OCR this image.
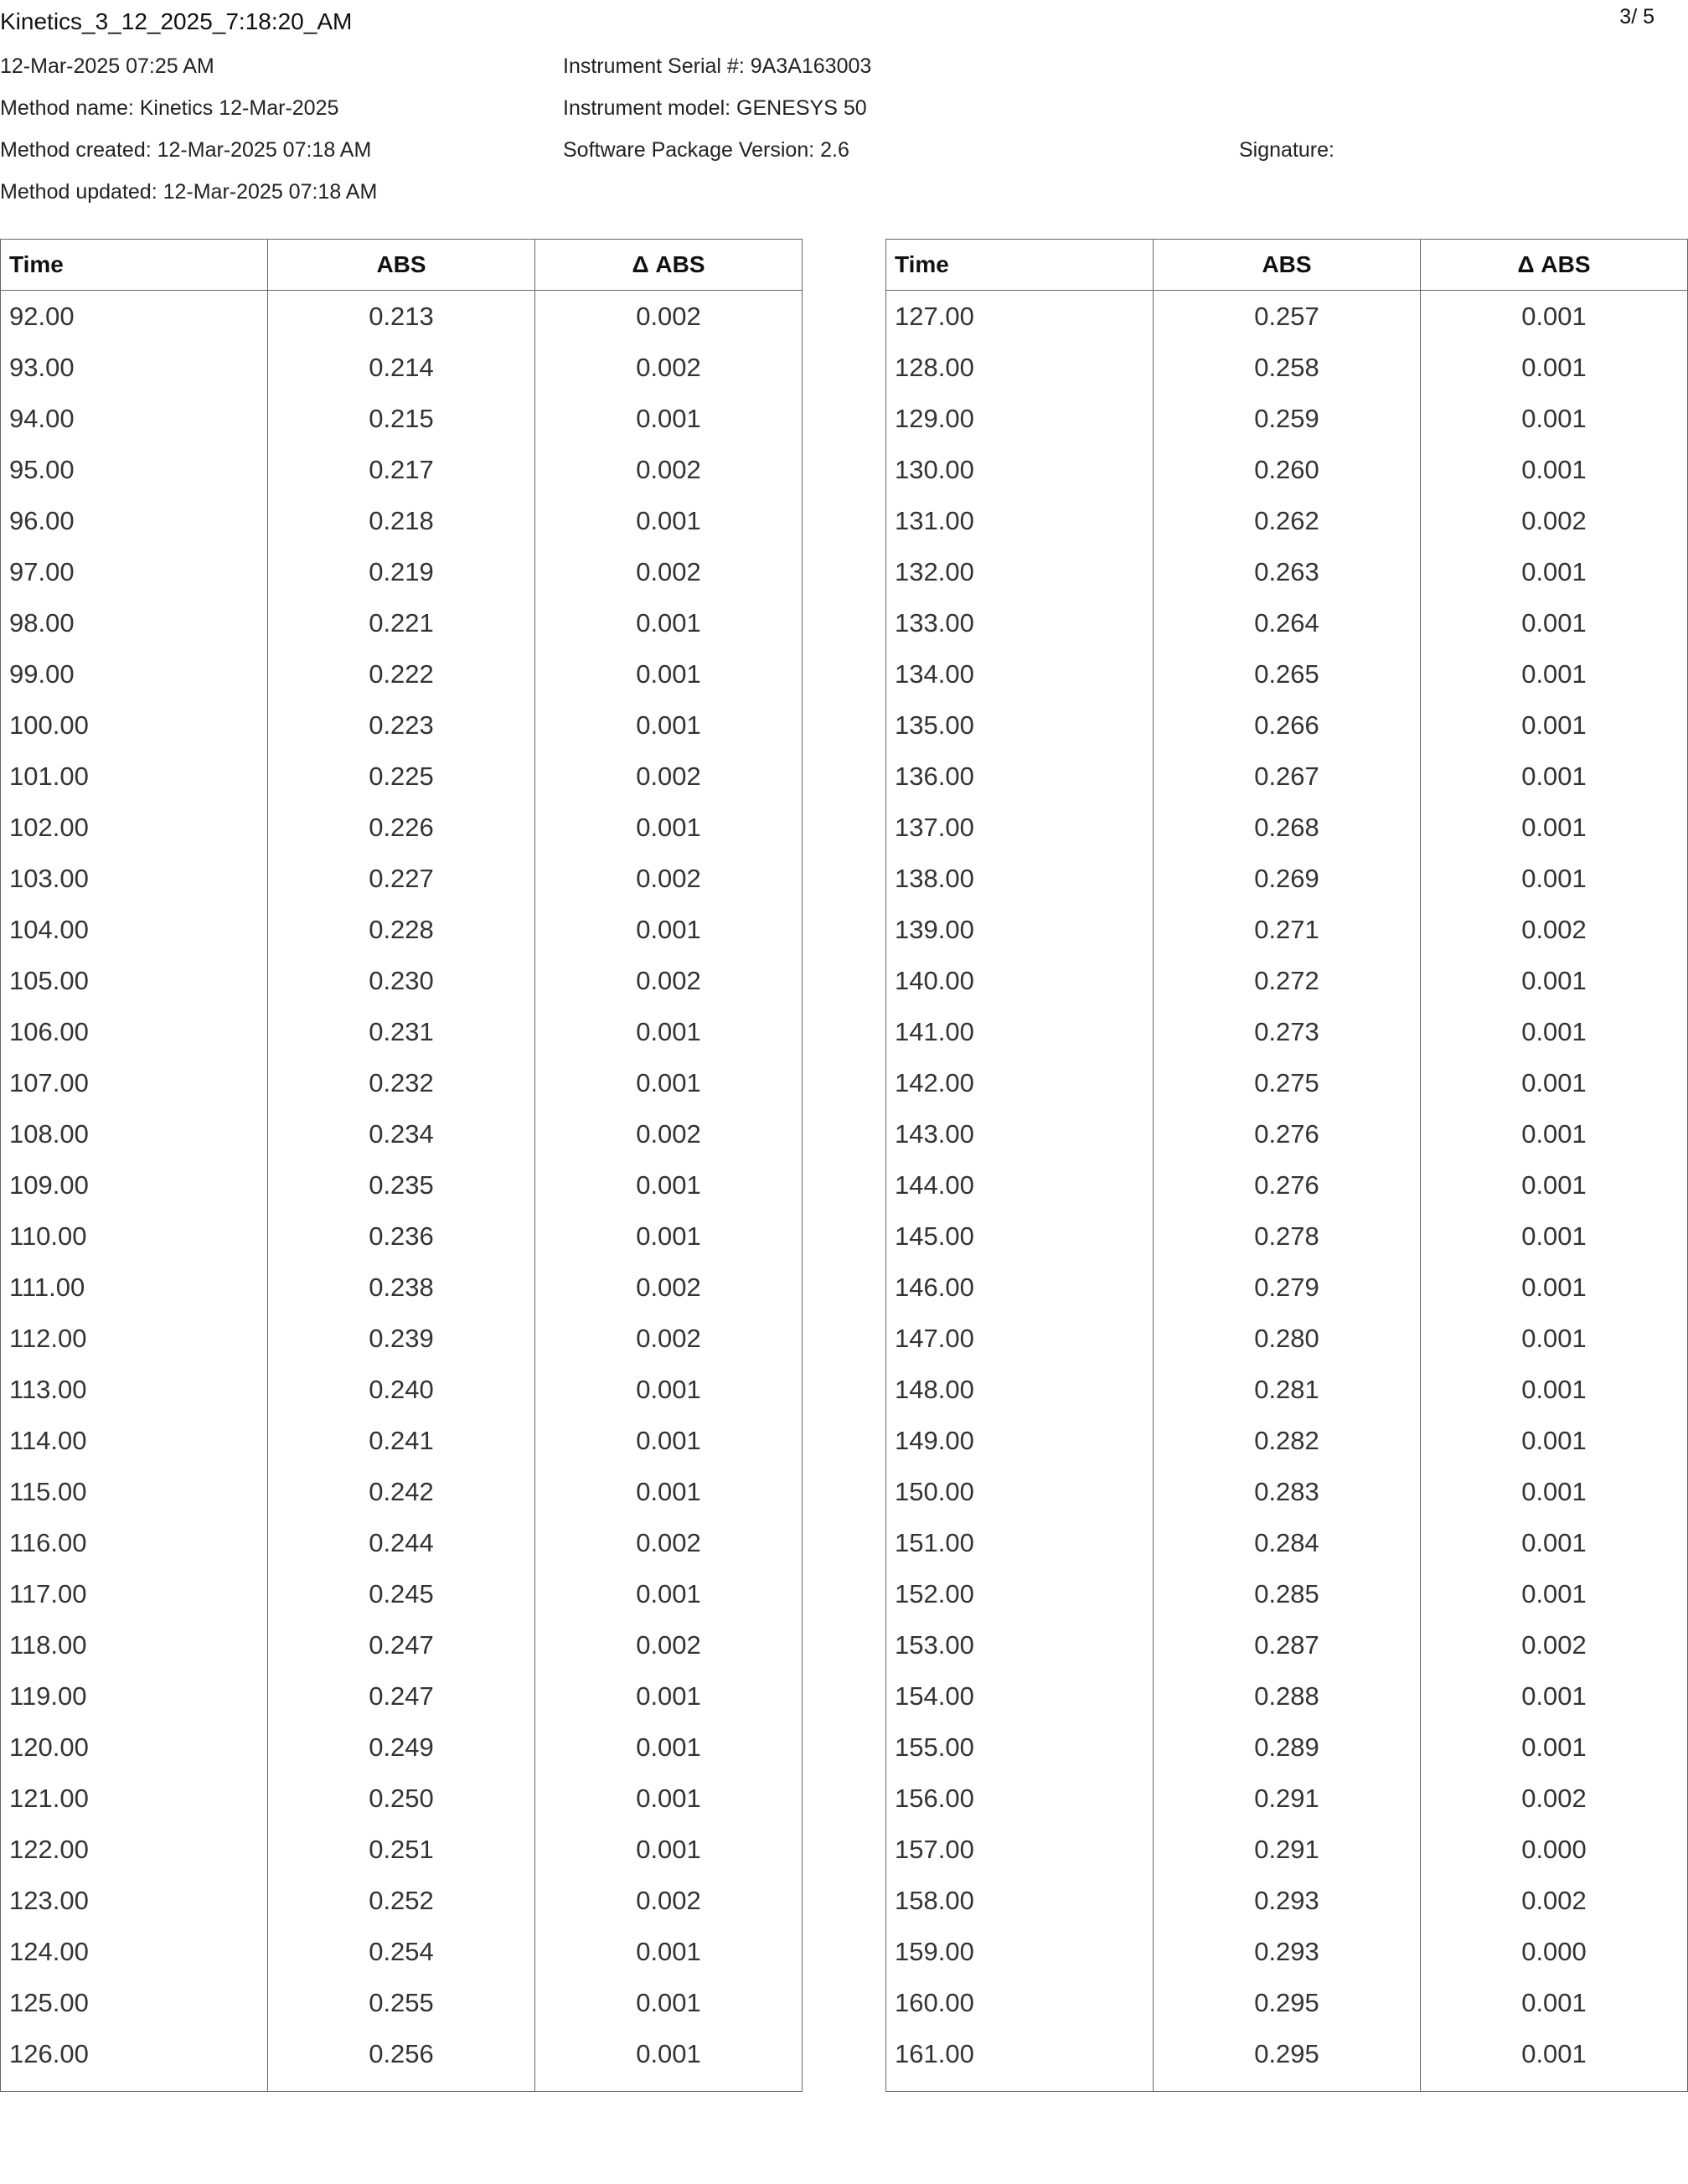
Kinetics_3_12_2025_7:18:20_AM	3/ 5
12-Mar-2025 07:25 AM
Method name: Kinetics 12-Mar-2025
Method created: 12-Mar-2025 07:18 AM
Method updated: 12-Mar-2025 07:18 AM
Instrument Serial #: 9A3A163003
Instrument model: GENESYS 50
Software Package Version: 2.6	Signature:
Time	ABS	Δ ABS
92.00	0.213	0.002
93.00	0.214	0.002
94.00	0.215	0.001
95.00	0.217	0.002
96.00	0.218	0.001
97.00	0.219	0.002
98.00	0.221	0.001
99.00	0.222	0.001
100.00	0.223	0.001
101.00	0.225	0.002
102.00	0.226	0.001
103.00	0.227	0.002
104.00	0.228	0.001
105.00	0.230	0.002
106.00	0.231	0.001
107.00	0.232	0.001
108.00	0.234	0.002
109.00	0.235	0.001
110.00	0.236	0.001
111.00	0.238	0.002
112.00	0.239	0.002
113.00	0.240	0.001
114.00	0.241	0.001
115.00	0.242	0.001
116.00	0.244	0.002
117.00	0.245	0.001
118.00	0.247	0.002
119.00	0.247	0.001
120.00	0.249	0.001
121.00	0.250	0.001
122.00	0.251	0.001
123.00	0.252	0.002
124.00	0.254	0.001
125.00	0.255	0.001
126.00	0.256	0.001

Time	ABS	Δ ABS
127.00	0.257	0.001
128.00	0.258	0.001
129.00	0.259	0.001
130.00	0.260	0.001
131.00	0.262	0.002
132.00	0.263	0.001
133.00	0.264	0.001
134.00	0.265	0.001
135.00	0.266	0.001
136.00	0.267	0.001
137.00	0.268	0.001
138.00	0.269	0.001
139.00	0.271	0.002
140.00	0.272	0.001
141.00	0.273	0.001
142.00	0.275	0.001
143.00	0.276	0.001
144.00	0.276	0.001
145.00	0.278	0.001
146.00	0.279	0.001
147.00	0.280	0.001
148.00	0.281	0.001
149.00	0.282	0.001
150.00	0.283	0.001
151.00	0.284	0.001
152.00	0.285	0.001
153.00	0.287	0.002
154.00	0.288	0.001
155.00	0.289	0.001
156.00	0.291	0.002
157.00	0.291	0.000
158.00	0.293	0.002
159.00	0.293	0.000
160.00	0.295	0.001
161.00	0.295	0.001
